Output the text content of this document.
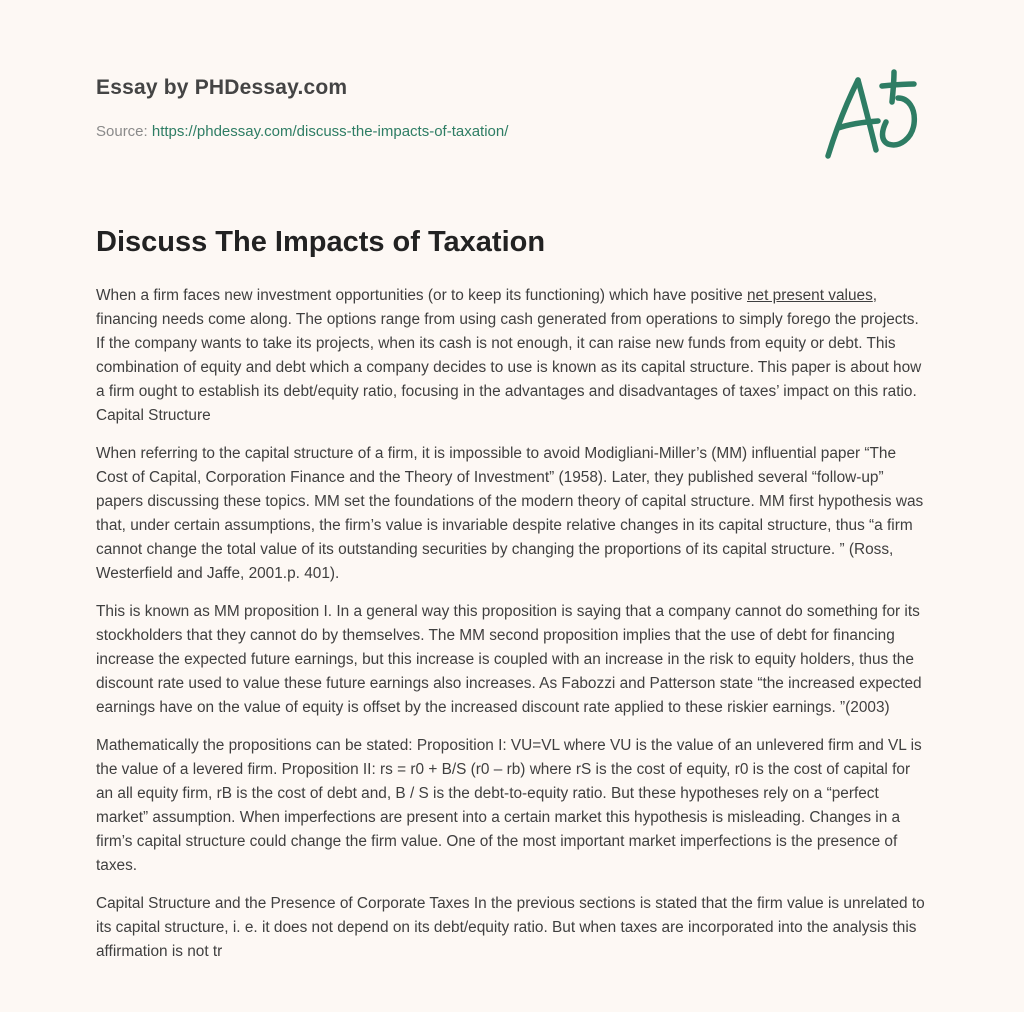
Essay by PHDessay.com
Source: https://phdessay.com/discuss-the-impacts-of-taxation/
Discuss The Impacts of Taxation

When a firm faces new investment opportunities (or to keep its functioning) which have positive net present values, financing needs come along. The options range from using cash generated from operations to simply forego the projects. If the company wants to take its projects, when its cash is not enough, it can raise new funds from equity or debt. This combination of equity and debt which a company decides to use is known as its capital structure. This paper is about how a firm ought to establish its debt/equity ratio, focusing in the advantages and disadvantages of taxes’ impact on this ratio. Capital Structure

When referring to the capital structure of a firm, it is impossible to avoid Modigliani-Miller’s (MM) influential paper “The Cost of Capital, Corporation Finance and the Theory of Investment” (1958). Later, they published several “follow-up” papers discussing these topics. MM set the foundations of the modern theory of capital structure. MM first hypothesis was that, under certain assumptions, the firm’s value is invariable despite relative changes in its capital structure, thus “a firm cannot change the total value of its outstanding securities by changing the proportions of its capital structure. ” (Ross, Westerfield and Jaffe, 2001.p. 401).

This is known as MM proposition I. In a general way this proposition is saying that a company cannot do something for its stockholders that they cannot do by themselves. The MM second proposition implies that the use of debt for financing increase the expected future earnings, but this increase is coupled with an increase in the risk to equity holders, thus the discount rate used to value these future earnings also increases. As Fabozzi and Patterson state “the increased expected earnings have on the value of equity is offset by the increased discount rate applied to these riskier earnings. ”(2003)

Mathematically the propositions can be stated: Proposition I: VU=VL where VU is the value of an unlevered firm and VL is the value of a levered firm. Proposition II: rs = r0 + B/S (r0 – rb) where rS is the cost of equity, r0 is the cost of capital for an all equity firm, rB is the cost of debt and, B / S is the debt-to-equity ratio. But these hypotheses rely on a “perfect market” assumption. When imperfections are present into a certain market this hypothesis is misleading. Changes in a firm’s capital structure could change the firm value. One of the most important market imperfections is the presence of taxes.

Capital Structure and the Presence of Corporate Taxes In the previous sections is stated that the firm value is unrelated to its capital structure, i. e. it does not depend on its debt/equity ratio. But when taxes are incorporated into the analysis this affirmation is not tr
